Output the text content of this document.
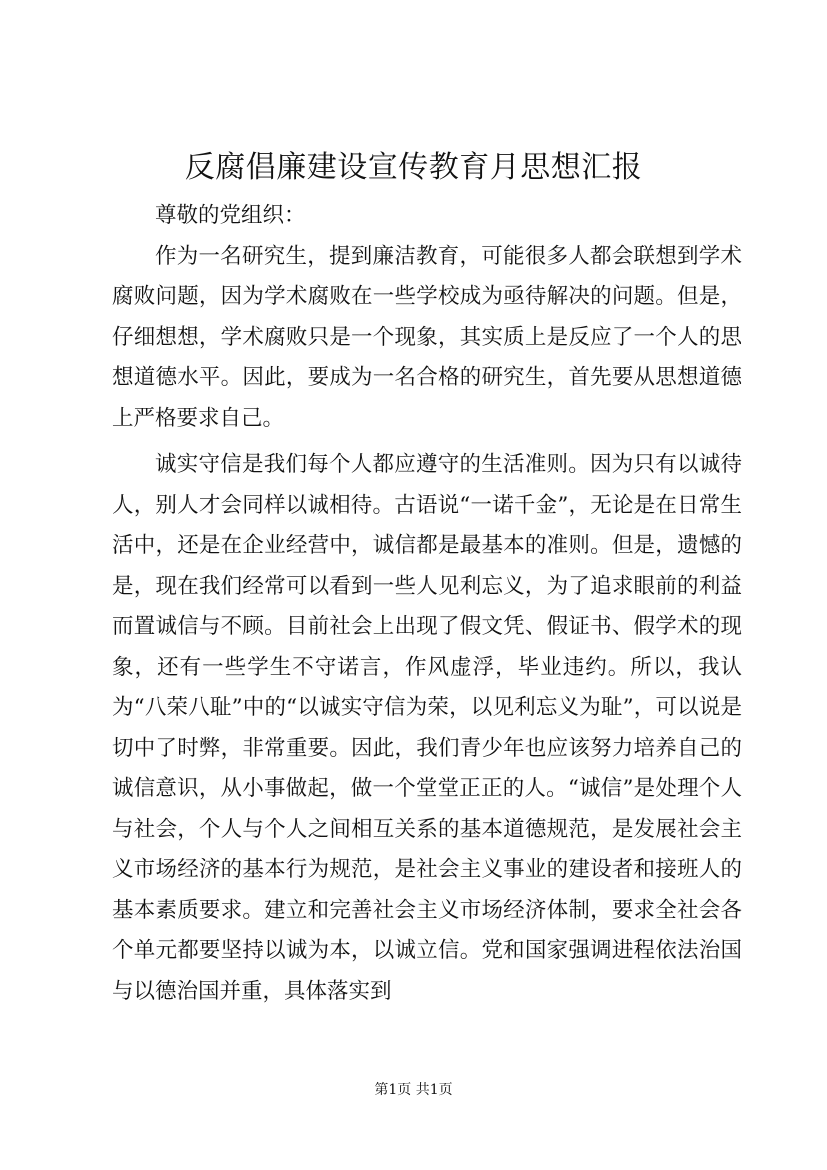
反腐倡廉建设宣传教育月思想汇报

尊敬的党组织：

作为一名研究生，提到廉洁教育，可能很多人都会联想到学术腐败问题，因为学术腐败在一些学校成为亟待解决的问题。但是，仔细想想，学术腐败只是一个现象，其实质上是反应了一个人的思想道德水平。因此，要成为一名合格的研究生，首先要从思想道德上严格要求自己。

诚实守信是我们每个人都应遵守的生活准则。因为只有以诚待人，别人才会同样以诚相待。古语说“一诺千金”，无论是在日常生活中，还是在企业经营中，诚信都是最基本的准则。但是，遗憾的是，现在我们经常可以看到一些人见利忘义，为了追求眼前的利益而置诚信与不顾。目前社会上出现了假文凭、假证书、假学术的现象，还有一些学生不守诺言，作风虚浮，毕业违约。所以，我认为“八荣八耻”中的“以诚实守信为荣，以见利忘义为耻”，可以说是切中了时弊，非常重要。因此，我们青少年也应该努力培养自己的诚信意识，从小事做起，做一个堂堂正正的人。“诚信”是处理个人与社会，个人与个人之间相互关系的基本道德规范，是发展社会主义市场经济的基本行为规范，是社会主义事业的建设者和接班人的基本素质要求。建立和完善社会主义市场经济体制，要求全社会各个单元都要坚持以诚为本，以诚立信。党和国家强调进程依法治国与以德治国并重，具体落实到

第1页 共1页
